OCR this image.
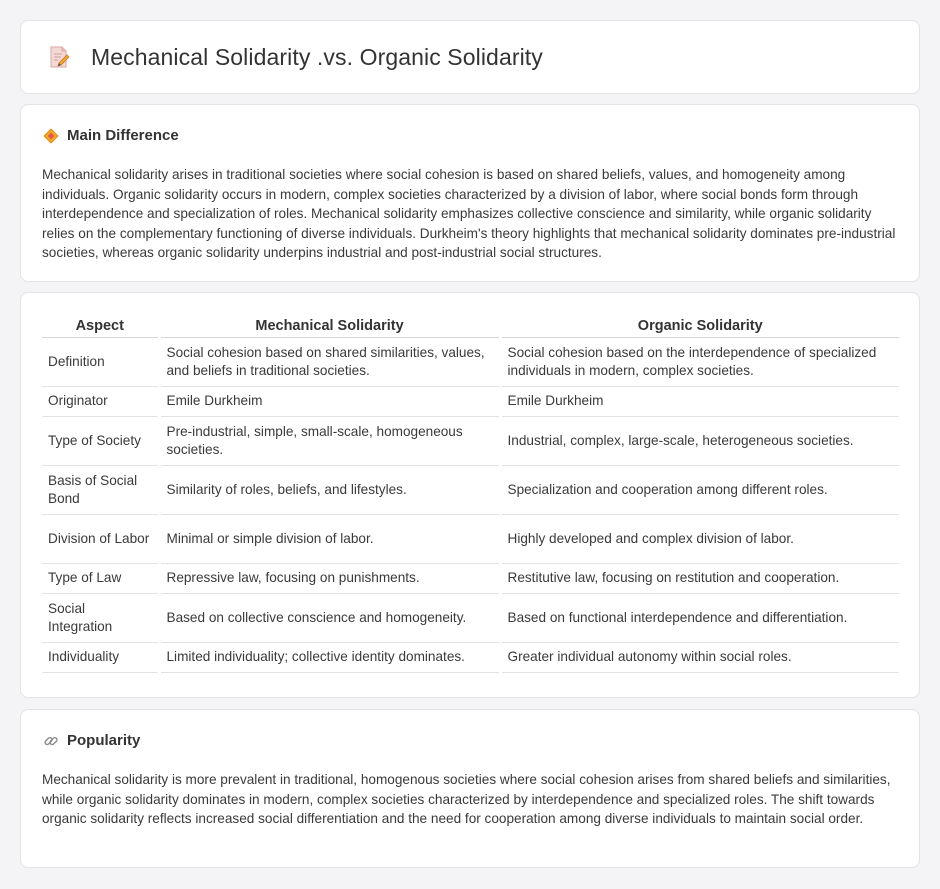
Mechanical Solidarity .vs. Organic Solidarity
Main Difference

Mechanical solidarity arises in traditional societies where social cohesion is based on shared beliefs, values, and homogeneity among individuals. Organic solidarity occurs in modern, complex societies characterized by a division of labor, where social bonds form through interdependence and specialization of roles. Mechanical solidarity emphasizes collective conscience and similarity, while organic solidarity relies on the complementary functioning of diverse individuals. Durkheim's theory highlights that mechanical solidarity dominates pre-industrial societies, whereas organic solidarity underpins industrial and post-industrial social structures.

Aspect	Mechanical Solidarity	Organic Solidarity
Definition	Social cohesion based on shared similarities, values, and beliefs in traditional societies.	Social cohesion based on the interdependence of specialized individuals in modern, complex societies.
Originator	Emile Durkheim	Emile Durkheim
Type of Society	Pre-industrial, simple, small-scale, homogeneous societies.	Industrial, complex, large-scale, heterogeneous societies.
Basis of Social Bond	Similarity of roles, beliefs, and lifestyles.	Specialization and cooperation among different roles.
Division of Labor	Minimal or simple division of labor.	Highly developed and complex division of labor.
Type of Law	Repressive law, focusing on punishments.	Restitutive law, focusing on restitution and cooperation.
Social Integration	Based on collective conscience and homogeneity.	Based on functional interdependence and differentiation.
Individuality	Limited individuality; collective identity dominates.	Greater individual autonomy within social roles.
Popularity

Mechanical solidarity is more prevalent in traditional, homogenous societies where social cohesion arises from shared beliefs and similarities, while organic solidarity dominates in modern, complex societies characterized by interdependence and specialized roles. The shift towards organic solidarity reflects increased social differentiation and the need for cooperation among diverse individuals to maintain social order.
